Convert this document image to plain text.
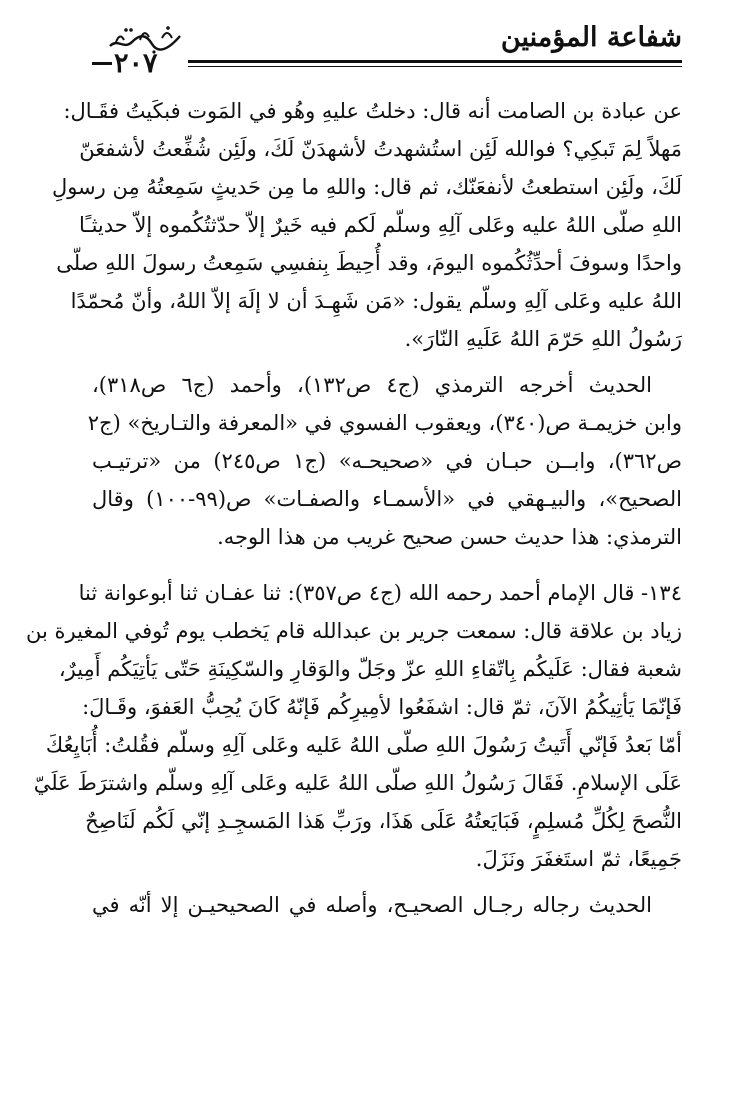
شفاعة المؤمنين
٢٠٧
عن عبادة بن الصامت أنه قال: دخلتُ عليهِ وهُو في المَوت فبكَيتُ فقَـال:
مَهلاً لِمَ تَبكِي؟ فوالله لَئِن استُشهدتُ لأشهدَنّ لَكَ، ولَئِن شُفِّعتُ لأشفعَنّ
لَكَ، ولَئِن استطعتُ لأنفعَنّك، ثم قال: واللهِ ما مِن حَديثٍ سَمِعتُهُ مِن رسولِ
اللهِ صلّى اللهُ عليه وعَلى آلِهِ وسلّم لَكم فيه خَيرٌ إلاّ حدّثتُكُموه إلاّ حديثـًا
واحدًا وسوفَ أحدِّثُكُموه اليومَ، وقد أُحِيطَ بِنفسِي سَمِعتُ رسولَ اللهِ صلّى
اللهُ عليه وعَلى آلِهِ وسلّم يقول: «مَن شَهِـدَ أن لا إلَهَ إلاّ اللهُ، وأنّ مُحمّدًا
رَسُولُ اللهِ حَرّمَ اللهُ عَلَيهِ النّارَ».
الحديث أخرجه الترمذي (ج٤ ص١٣٢)، وأحمد (ج٦ ص٣١٨)،
وابن خزيمـة ص(٣٤٠)، ويعقوب الفسوي في «المعرفة والتـاريخ» (ج٢
ص٣٦٢)، وابــن حبـان في «صحيحـه» (ج١ ص٢٤٥) من «ترتيـب
الصحيح»، والبيـهقي في «الأسمـاء والصفـات» ص(٩٩-١٠٠) وقال
الترمذي: هذا حديث حسن صحيح غريب من هذا الوجه.
١٣٤- قال الإمام أحمد رحمه الله (ج٤ ص٣٥٧): ثنا عفـان ثنا أبوعوانة ثنا
زياد بن علاقة قال: سمعت جرير بن عبدالله قام يَخطب يوم تُوفي المغيرة بن
شعبة فقال: عَلَيكُم بِاتّقاءِ اللهِ عزّ وجَلّ والوَقارِ والسّكِينَةِ حَتّى يَأتِيَكُم أَمِيرٌ،
فَإنّمَا يَأتِيكُمُ الآنَ، ثمّ قال: اشفَعُوا لأمِيرِكُم فَإنّهُ كَانَ يُحِبُّ العَفوَ، وقَـالَ:
أمّا بَعدُ فَإنّي أَتَيتُ رَسُولَ اللهِ صلّى اللهُ عَليه وعَلى آلِهِ وسلّم فقُلتُ: أُبَايِعُكَ
عَلَى الإسلامِ. فَقَالَ رَسُولُ اللهِ صلّى اللهُ عَليه وعَلى آلِهِ وسلّم واشترَطَ عَلَيّ
النُّصحَ لِكُلِّ مُسلِمٍ، فَبَايَعتُهُ عَلَى هَذَا، ورَبِّ هَذا المَسجِـدِ إنّي لَكُم لَنَاصِحٌ
جَمِيعًا، ثمّ استَغفَرَ ونَزَلَ.
الحديث رجاله رجـال الصحيـح، وأصله في الصحيحيـن إلا أنّه في
